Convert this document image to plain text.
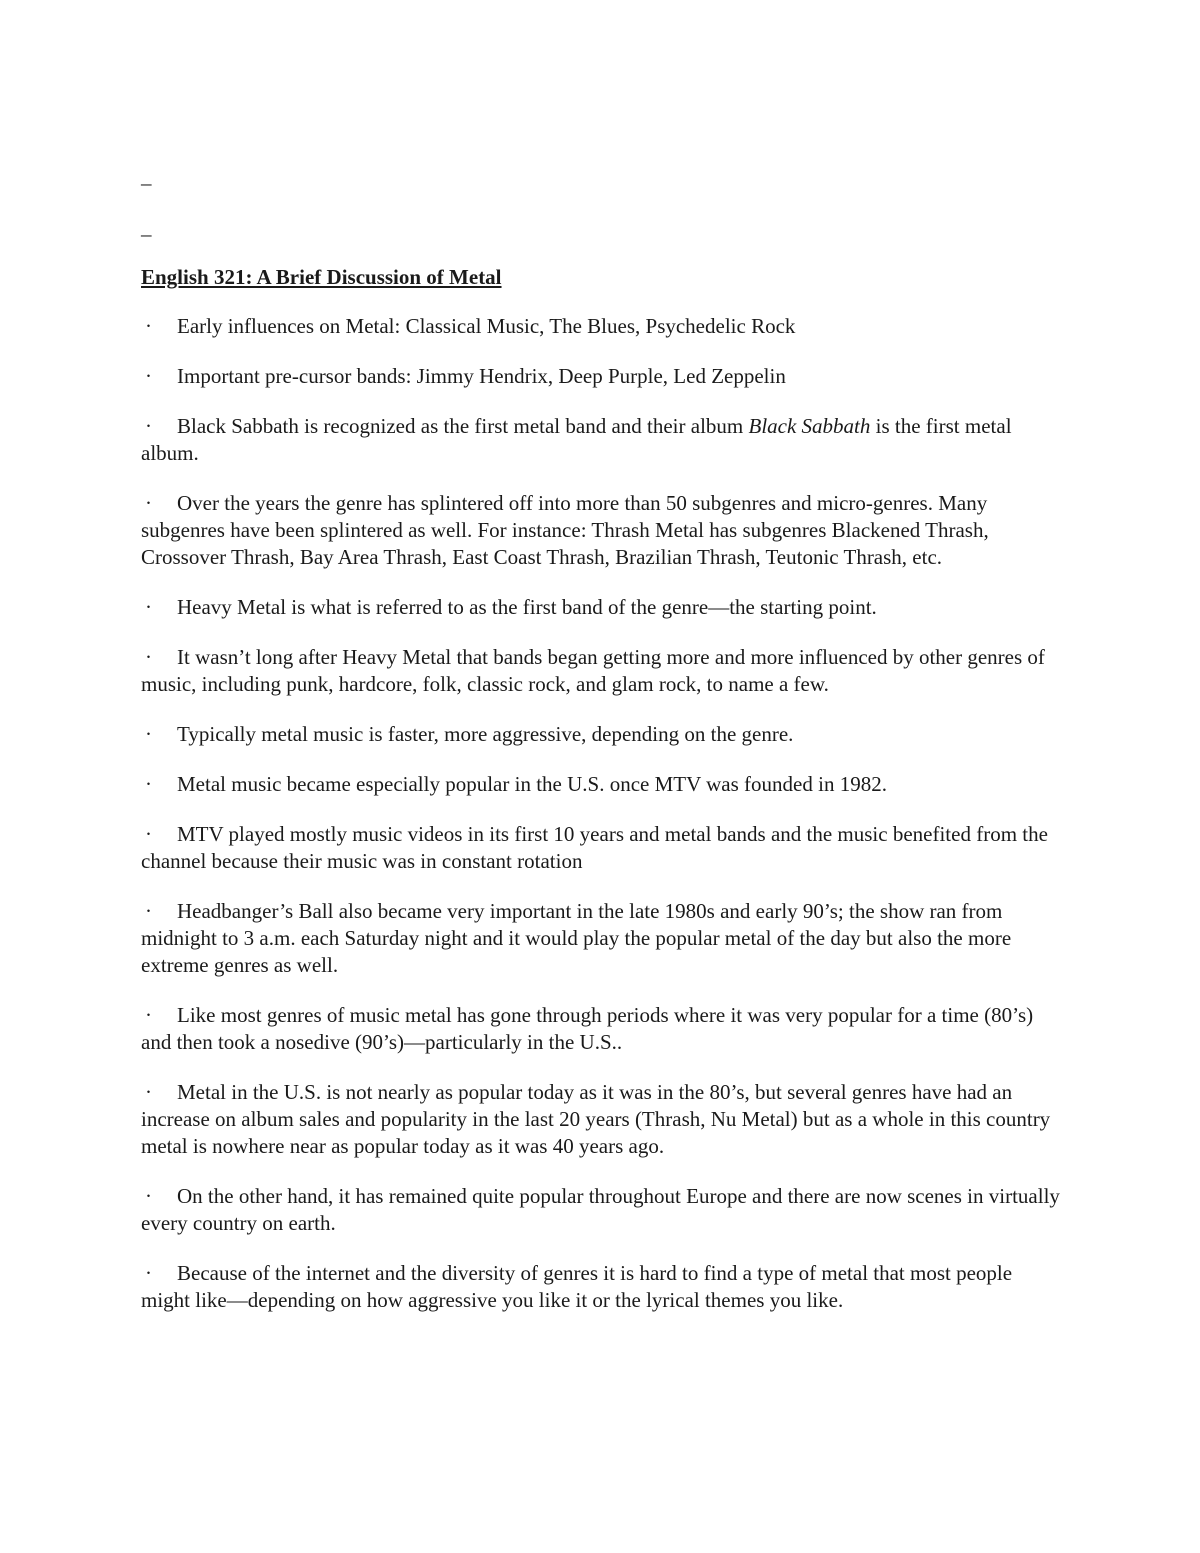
–
–
English 321: A Brief Discussion of Metal
· Early influences on Metal: Classical Music, The Blues, Psychedelic Rock
· Important pre-cursor bands: Jimmy Hendrix, Deep Purple, Led Zeppelin
· Black Sabbath is recognized as the first metal band and their album Black Sabbath is the first metal album.
· Over the years the genre has splintered off into more than 50 subgenres and micro-genres. Many subgenres have been splintered as well. For instance: Thrash Metal has subgenres Blackened Thrash, Crossover Thrash, Bay Area Thrash, East Coast Thrash, Brazilian Thrash, Teutonic Thrash, etc.
· Heavy Metal is what is referred to as the first band of the genre—the starting point.
· It wasn’t long after Heavy Metal that bands began getting more and more influenced by other genres of music, including punk, hardcore, folk, classic rock, and glam rock, to name a few.
· Typically metal music is faster, more aggressive, depending on the genre.
· Metal music became especially popular in the U.S. once MTV was founded in 1982.
· MTV played mostly music videos in its first 10 years and metal bands and the music benefited from the channel because their music was in constant rotation
· Headbanger’s Ball also became very important in the late 1980s and early 90’s; the show ran from midnight to 3 a.m. each Saturday night and it would play the popular metal of the day but also the more extreme genres as well.
· Like most genres of music metal has gone through periods where it was very popular for a time (80’s) and then took a nosedive (90’s)—particularly in the U.S..
· Metal in the U.S. is not nearly as popular today as it was in the 80’s, but several genres have had an increase on album sales and popularity in the last 20 years (Thrash, Nu Metal) but as a whole in this country metal is nowhere near as popular today as it was 40 years ago.
· On the other hand, it has remained quite popular throughout Europe and there are now scenes in virtually every country on earth.
· Because of the internet and the diversity of genres it is hard to find a type of metal that most people might like—depending on how aggressive you like it or the lyrical themes you like.
